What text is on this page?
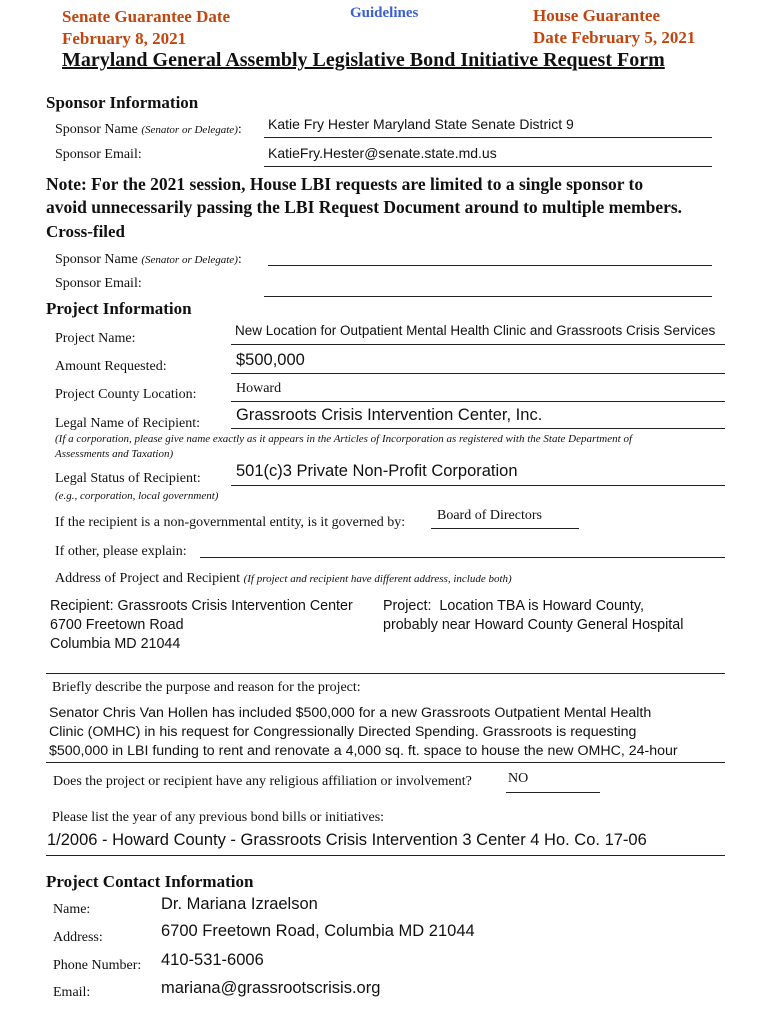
Senate Guarantee Date
February 8, 2021
Guidelines	House Guarantee
Date February 5, 2021
Maryland General Assembly Legislative Bond Initiative Request Form
Sponsor Information
Sponsor Name (Senator or Delegate): Katie Fry Hester Maryland State Senate District 9
Sponsor Email:	KatieFry.Hester@senate.state.md.us
Note: For the 2021 session, House LBI requests are limited to a single sponsor to
avoid unnecessarily passing the LBI Request Document around to multiple members.
Cross-filed
Sponsor Name (Senator or Delegate):
Sponsor Email:
Project Information
Project Name:
New Location for Outpatient Mental Health Clinic and Grassroots Crisis Services
Amount Requested:	$500,000
Project County Location:	Howard
Legal Name of Recipient: Grassroots Crisis Intervention Center, Inc.
(If a corporation, please give name exactly as it appears in the Articles of Incorporation as registered with the State Department of
Assessments and Taxation)
Legal Status of Recipient: 501(c)3 Private Non-Profit Corporation
(e.g., corporation, local government)
If the recipient is a non-governmental entity, is it governed by: Board of Directors
If other, please explain:
Address of Project and Recipient (If project and recipient have different address, include both)
Recipient: Grassroots Crisis Intervention Center
6700 Freetown Road
Columbia MD 21044
Project:  Location TBA is Howard County,
probably near Howard County General Hospital
Briefly describe the purpose and reason for the project:
Senator Chris Van Hollen has included $500,000 for a new Grassroots Outpatient Mental Health
Clinic (OMHC) in his request for Congressionally Directed Spending. Grassroots is requesting
$500,000 in LBI funding to rent and renovate a 4,000 sq. ft. space to house the new OMHC, 24-hour
Does the project or recipient have any religious affiliation or involvement?	NO
Please list the year of any previous bond bills or initiatives:
1/2006 - Howard County - Grassroots Crisis Intervention 3 Center 4 Ho. Co. 17-06
Project Contact Information
Name:	Dr. Mariana Izraelson
Address:	6700 Freetown Road, Columbia MD 21044
Phone Number: 410-531-6006
Email:	mariana@grassrootscrisis.org
